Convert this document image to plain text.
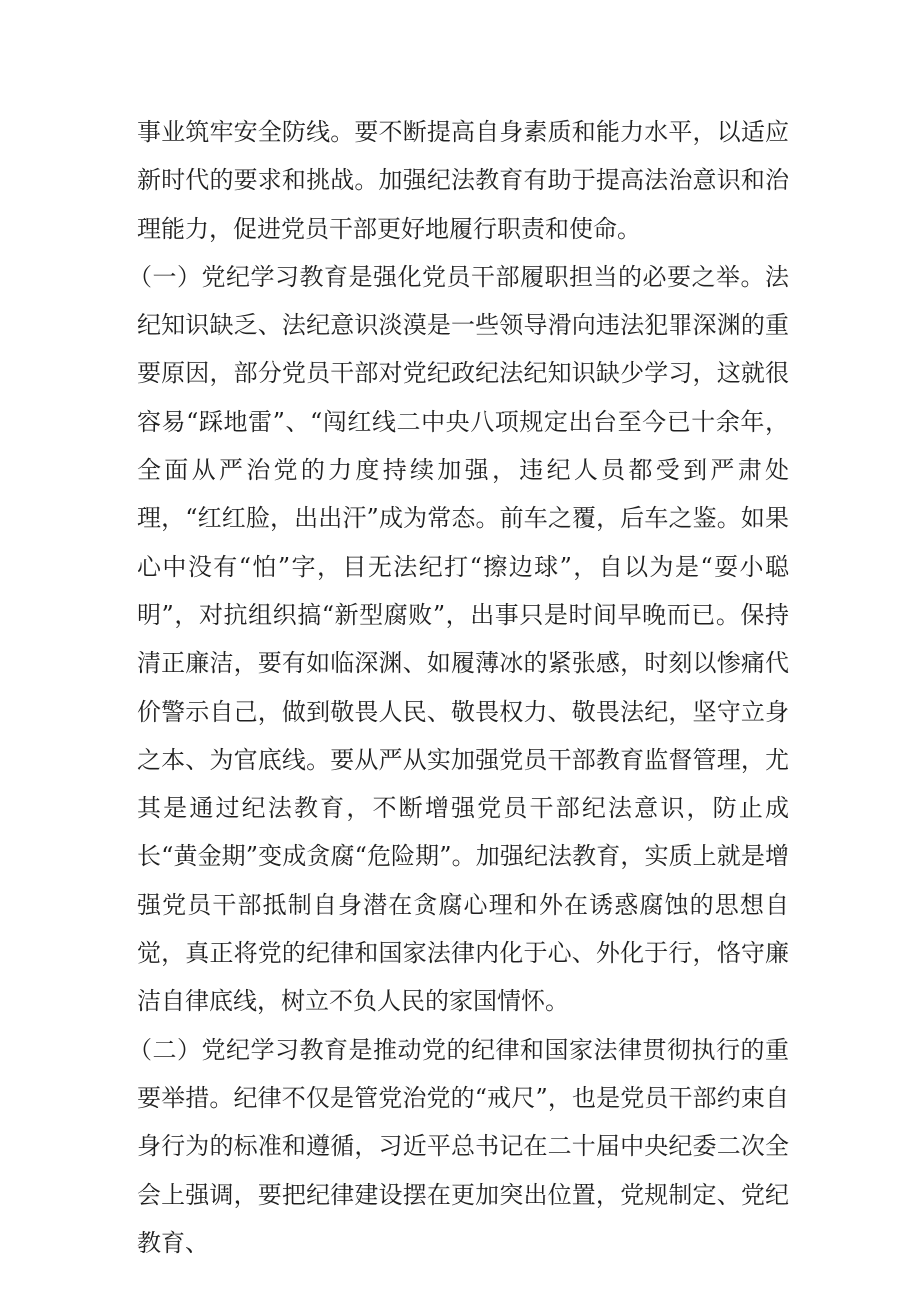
事业筑牢安全防线。要不断提高自身素质和能力水平，以适应新时代的要求和挑战。加强纪法教育有助于提高法治意识和治理能力，促进党员干部更好地履行职责和使命。

（一）党纪学习教育是强化党员干部履职担当的必要之举。法纪知识缺乏、法纪意识淡漠是一些领导滑向违法犯罪深渊的重要原因，部分党员干部对党纪政纪法纪知识缺少学习，这就很容易“踩地雷”、“闯红线二中央八项规定出台至今已十余年，全面从严治党的力度持续加强，违纪人员都受到严肃处理，“红红脸，出出汗”成为常态。前车之覆，后车之鉴。如果心中没有“怕”字，目无法纪打“擦边球”，自以为是“耍小聪明”，对抗组织搞“新型腐败”，出事只是时间早晚而已。保持清正廉洁，要有如临深渊、如履薄冰的紧张感，时刻以惨痛代价警示自己，做到敬畏人民、敬畏权力、敬畏法纪，坚守立身之本、为官底线。要从严从实加强党员干部教育监督管理，尤其是通过纪法教育，不断增强党员干部纪法意识，防止成长“黄金期”变成贪腐“危险期”。加强纪法教育，实质上就是增强党员干部抵制自身潜在贪腐心理和外在诱惑腐蚀的思想自觉，真正将党的纪律和国家法律内化于心、外化于行，恪守廉洁自律底线，树立不负人民的家国情怀。

（二）党纪学习教育是推动党的纪律和国家法律贯彻执行的重要举措。纪律不仅是管党治党的“戒尺”，也是党员干部约束自身行为的标准和遵循，习近平总书记在二十届中央纪委二次全会上强调，要把纪律建设摆在更加突出位置，党规制定、党纪教育、
